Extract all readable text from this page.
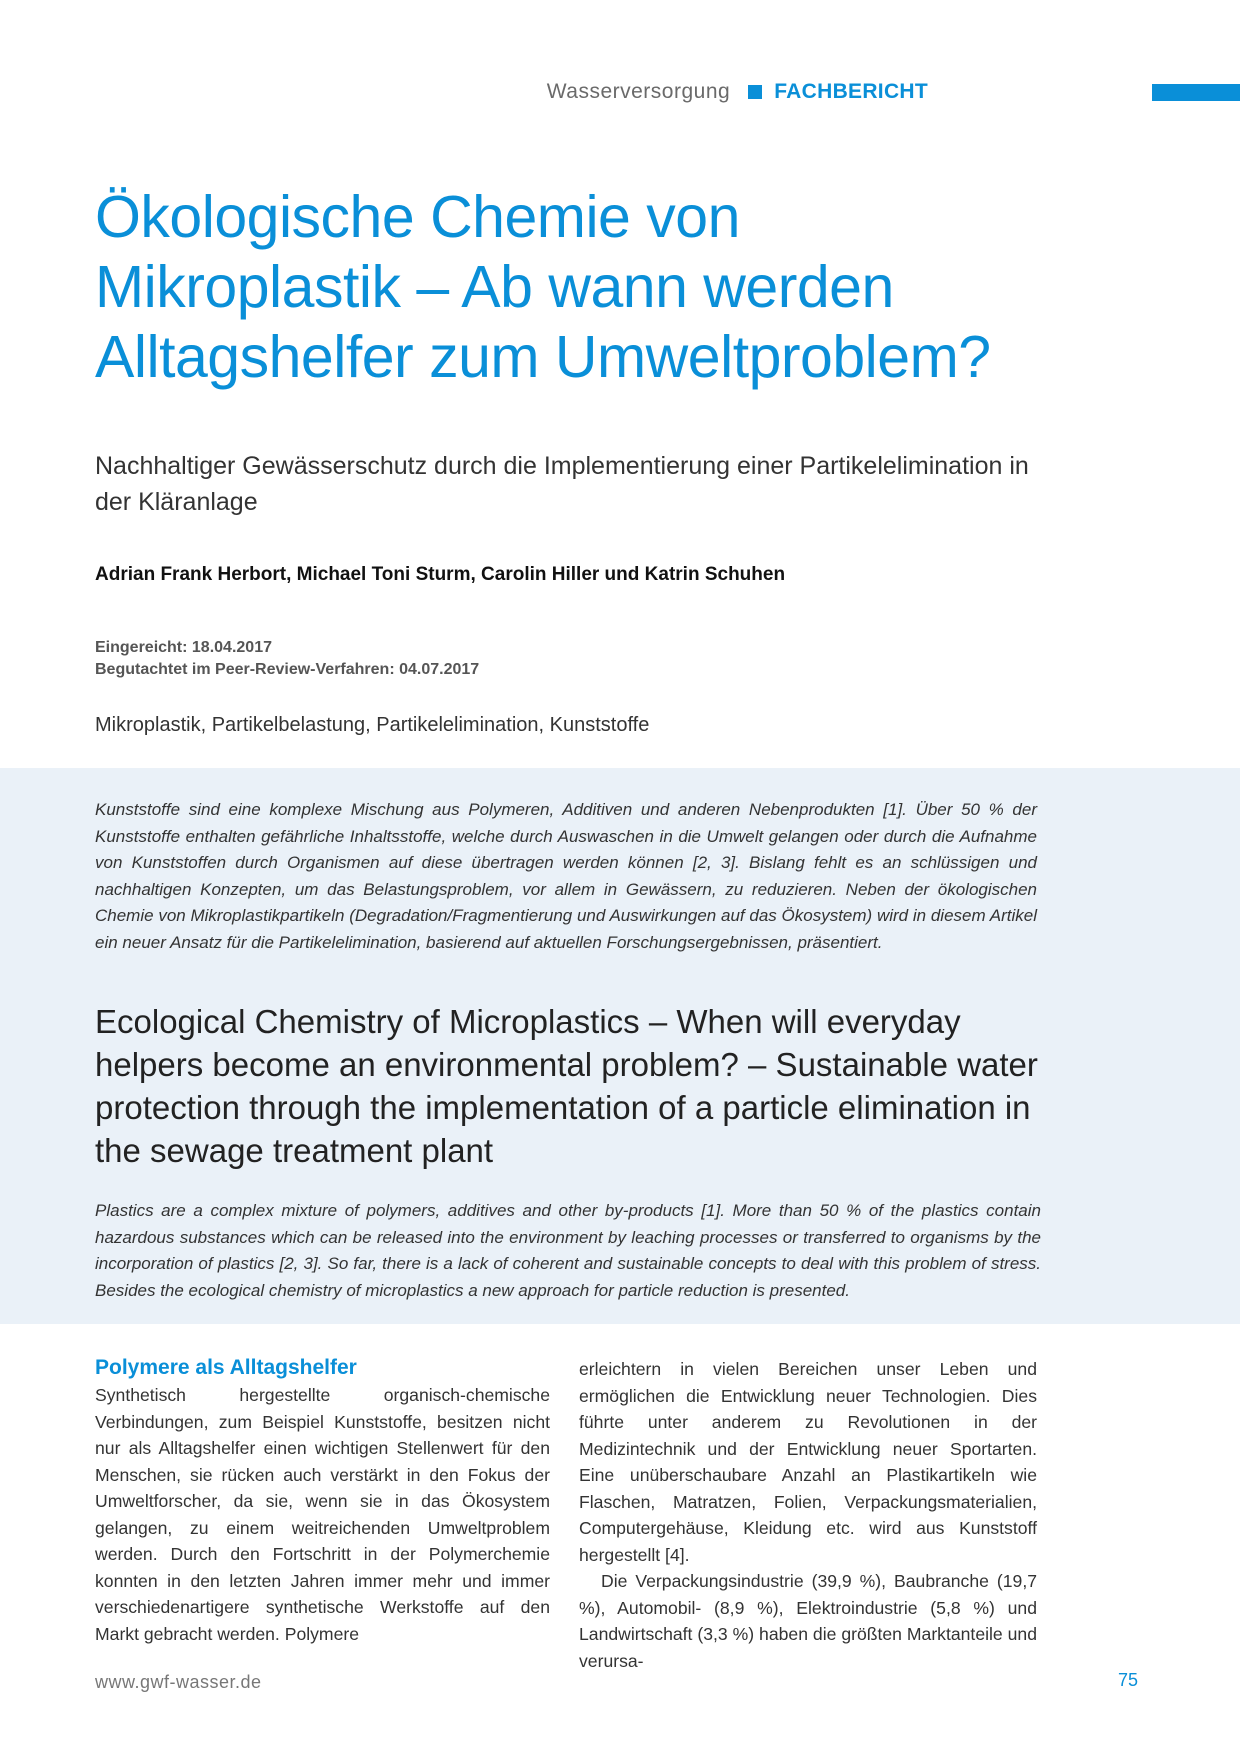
Wasserversorgung FACHBERICHT
Ökologische Chemie von
Mikroplastik – Ab wann werden
Alltagshelfer zum Umweltproblem?
Nachhaltiger Gewässerschutz durch die Implementierung einer Partikelelimination in der Kläranlage
Adrian Frank Herbort, Michael Toni Sturm, Carolin Hiller und Katrin Schuhen
Eingereicht: 18.04.2017
Begutachtet im Peer-Review-Verfahren: 04.07.2017
Mikroplastik, Partikelbelastung, Partikelelimination, Kunststoffe

Kunststoffe sind eine komplexe Mischung aus Polymeren, Additiven und anderen Nebenprodukten [1]. Über 50 % der Kunststoffe enthalten gefährliche Inhaltsstoffe, welche durch Auswaschen in die Umwelt gelangen oder durch die Aufnahme von Kunststoffen durch Organismen auf diese übertragen werden können [2, 3]. Bislang fehlt es an schlüssigen und nachhaltigen Konzepten, um das Belastungsproblem, vor allem in Gewässern, zu reduzieren. Neben der ökologischen Chemie von Mikroplastikpartikeln (Degradation/Fragmentierung und Auswirkungen auf das Ökosystem) wird in diesem Artikel ein neuer Ansatz für die Partikelelimination, basierend auf aktuellen Forschungsergebnissen, präsentiert.

Ecological Chemistry of Microplastics – When will everyday helpers become an environmental problem? – Sustainable water protection through the implementation of a particle elimination in the sewage treatment plant

Plastics are a complex mixture of polymers, additives and other by-products [1]. More than 50 % of the plastics contain hazardous substances which can be released into the environment by leaching processes or transferred to organisms by the incorporation of plastics [2, 3]. So far, there is a lack of coherent and sustainable concepts to deal with this problem of stress. Besides the ecological chemistry of microplastics a new approach for particle reduction is presented.

Polymere als Alltagshelfer

Synthetisch hergestellte organisch-chemische Verbindungen, zum Beispiel Kunststoffe, besitzen nicht nur als Alltagshelfer einen wichtigen Stellenwert für den Menschen, sie rücken auch verstärkt in den Fokus der Umweltforscher, da sie, wenn sie in das Ökosystem gelangen, zu einem weitreichenden Umweltproblem werden. Durch den Fortschritt in der Polymerchemie konnten in den letzten Jahren immer mehr und immer verschiedenartigere synthetische Werkstoffe auf den Markt gebracht werden. Polymere

erleichtern in vielen Bereichen unser Leben und ermöglichen die Entwicklung neuer Technologien. Dies führte unter anderem zu Revolutionen in der Medizintechnik und der Entwicklung neuer Sportarten. Eine unüberschaubare Anzahl an Plastikartikeln wie Flaschen, Matratzen, Folien, Verpackungsmaterialien, Computergehäuse, Kleidung etc. wird aus Kunststoff hergestellt [4].

Die Verpackungsindustrie (39,9 %), Baubranche (19,7 %), Automobil- (8,9 %), Elektroindustrie (5,8 %) und Landwirtschaft (3,3 %) haben die größten Marktanteile und verursa-

www.gwf-wasser.de	75
